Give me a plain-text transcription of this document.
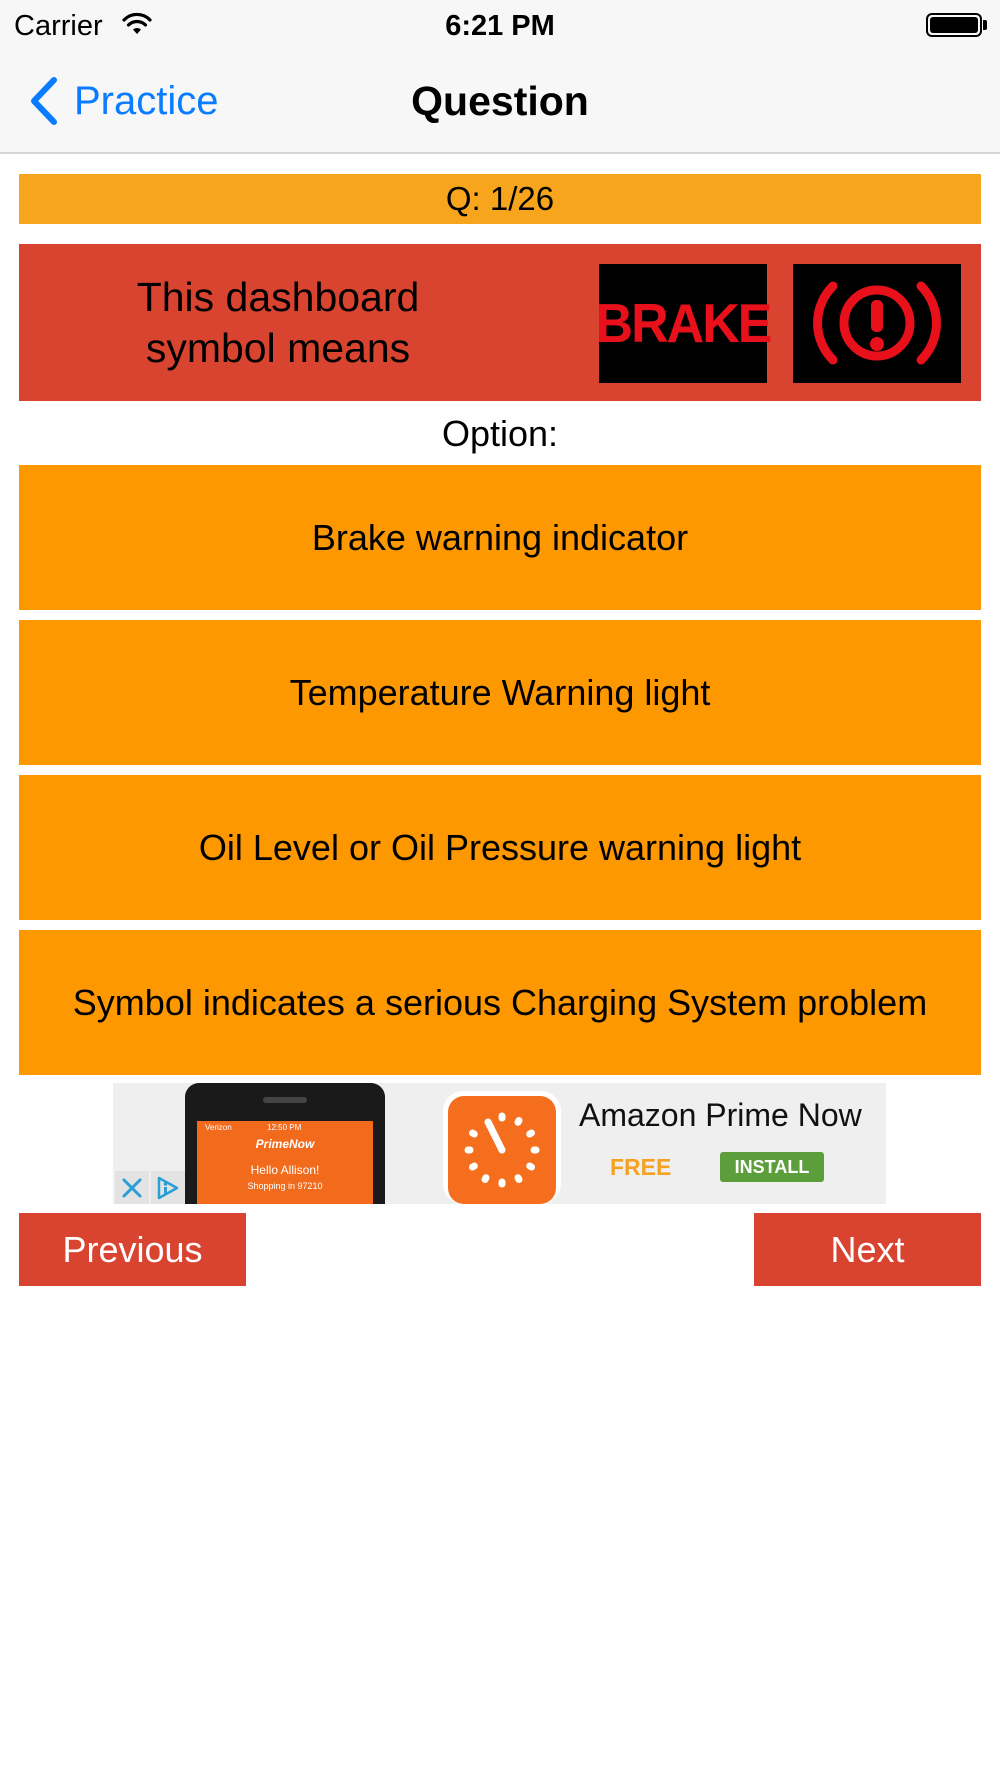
Carrier	6:21 PM
Practice	Question
Q: 1/26
This dashboard symbol means	BRAKE
Option:
Brake warning indicator
Temperature Warning light
Oil Level or Oil Pressure warning light
Symbol indicates a serious Charging System problem
Verizon	12:50 PM
PrimeNow
Hello Allison!
Shopping in 97210
Amazon Prime Now
FREE	INSTALL
Previous	Next
